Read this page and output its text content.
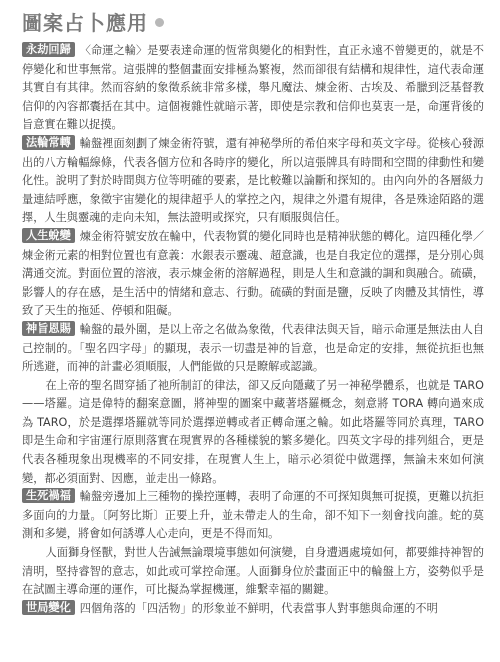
圖案占卜應用

永劫回歸 〈命運之輪〉是要表達命運的恆常與變化的相對性，直正永遠不曾變更的，就是不停變化和世事無常。這張牌的整個畫面安排極為繁複，然而卻很有結構和規律性，這代表命運其實自有其律。然而容納的象徵系統非常多樣，舉凡魔法、煉金術、古埃及、希臘到泛基督教信仰的內容都囊括在其中。這個複雜性就暗示著，即使是宗教和信仰也莫衷一是，命運背後的旨意實在難以捉摸。

法輪常轉 輪盤裡面刻劃了煉金術符號，還有神秘學所的希伯來字母和英文字母。從核心發源出的八方輪輻線條，代表各個方位和各時序的變化，所以這張牌具有時間和空間的律動性和變化性。說明了對於時間與方位等明確的要素，是比較難以論斷和探知的。由內向外的各層級力量連結呼應，象徵宇宙變化的規律超乎人的掌控之內，規律之外還有規律，各是殊途陌路的選擇，人生與靈魂的走向未知，無法證明或探究，只有順服與信任。

人生蛻變 煉金術符號安放在輪中，代表物質的變化同時也是精神狀態的轉化。這四種化學／煉金術元素的相對位置也有意義：水銀表示靈魂、超意識，也是自我定位的選擇，是分別心與溝通交流。對面位置的溶液，表示煉金術的溶解過程，則是人生和意識的調和與融合。硫磺，影響人的存在感，是生活中的情緒和意志、行動。硫磺的對面是鹽，反映了肉體及其情性，導致了天生的拖延、停頓和阻礙。

神旨恩賜 輪盤的最外圍，是以上帝之名做為象徵，代表律法與天旨，暗示命運是無法由人自己控制的。「聖名四字母」的顯現，表示一切盡是神的旨意，也是命定的安排，無從抗拒也無所逃避，而神的計畫必須順服，人們能做的只是瞭解或認識。

在上帝的聖名間穿插了祂所制訂的律法，卻又反向隱藏了另一神秘學體系，也就是 TARO——塔羅。這是偉特的翻案意圖，將神聖的圖案中藏著塔羅概念，刻意將 TORA 轉向過來成為 TARO，於是選擇塔羅就等同於選擇逆轉或者正轉命運之輪。如此塔羅等同於真理，TARO 即是生命和宇宙運行原則落實在現實界的各種樣貌的繁多變化。四英文字母的排列組合，更是代表各種現象出現機率的不同安排，在現實人生上，暗示必須從中做選擇，無論未來如何演變，都必須面對、因應，並走出一條路。

生死禍福 輪盤旁邊加上三種物的操控運轉，表明了命運的不可探知與無可捉摸，更難以抗拒多面向的力量。〔阿努比斯〕正要上升，並未帶走人的生命，卻不知下一刻會找向誰。蛇的莫測和多變，將會如何誘導人心走向，更是不得而知。

人面獅身怪獸，對世人告誡無論環境事態如何演變，自身遭遇處境如何，都要維持神智的清明，堅持睿智的意志，如此或可掌控命運。人面獅身位於畫面正中的輪盤上方，姿勢似乎是在試圖主導命運的運作，可比擬為掌握機運，維繫幸福的關鍵。

世局變化 四個角落的「四活物」的形象並不鮮明，代表當事人對事態與命運的不明
